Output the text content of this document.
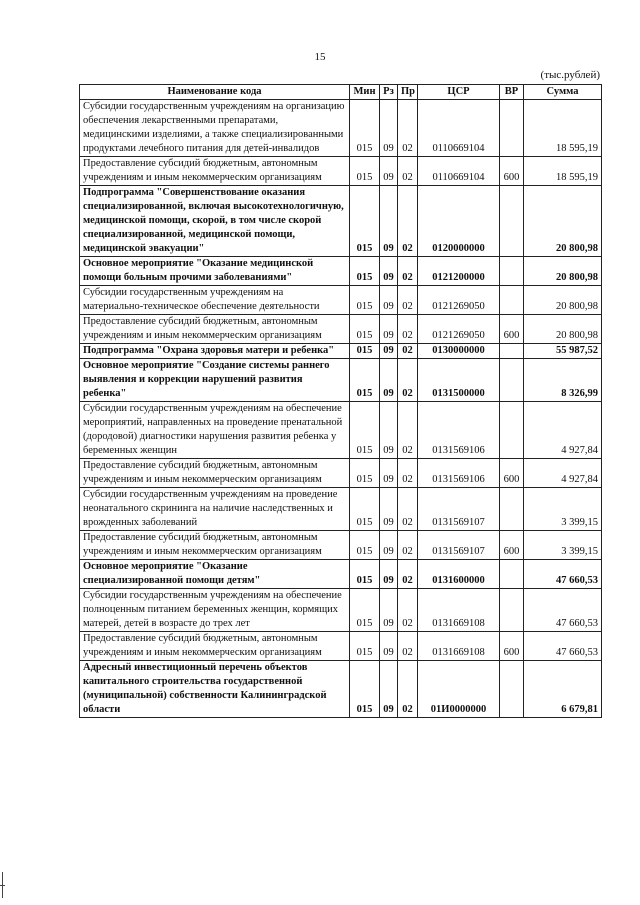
15
(тыс.рублей)
Наименование кода	Мин	Рз	Пр	ЦСР	ВР	Сумма
Субсидии государственным учреждениям на организацию обеспечения лекарственными препаратами, медицинскими изделиями, а также специализированными продуктами лечебного питания для детей-инвалидов	015	09	02	0110669104		18 595,19
Предоставление субсидий бюджетным, автономным учреждениям и иным некоммерческим организациям	015	09	02	0110669104	600	18 595,19
Подпрограмма "Совершенствование оказания специализированной, включая высокотехнологичную, медицинской помощи, скорой, в том числе скорой специализированной, медицинской помощи, медицинской эвакуации"	015	09	02	0120000000		20 800,98
Основное мероприятие "Оказание медицинской помощи больным прочими заболеваниями"	015	09	02	0121200000		20 800,98
Субсидии государственным учреждениям на материально-техническое обеспечение деятельности	015	09	02	0121269050		20 800,98
Предоставление субсидий бюджетным, автономным учреждениям и иным некоммерческим организациям	015	09	02	0121269050	600	20 800,98
Подпрограмма "Охрана здоровья матери и ребенка"	015	09	02	0130000000		55 987,52
Основное мероприятие "Создание системы раннего выявления и коррекции нарушений развития ребенка"	015	09	02	0131500000		8 326,99
Субсидии государственным учреждениям на обеспечение мероприятий, направленных на проведение пренатальной (дородовой) диагностики нарушения развития ребенка у беременных женщин	015	09	02	0131569106		4 927,84
Предоставление субсидий бюджетным, автономным учреждениям и иным некоммерческим организациям	015	09	02	0131569106	600	4 927,84
Субсидии государственным учреждениям на проведение неонатального скрининга на наличие наследственных и врожденных заболеваний	015	09	02	0131569107		3 399,15
Предоставление субсидий бюджетным, автономным учреждениям и иным некоммерческим организациям	015	09	02	0131569107	600	3 399,15
Основное мероприятие "Оказание специализированной помощи детям"	015	09	02	0131600000		47 660,53
Субсидии государственным учреждениям на обеспечение полноценным питанием беременных женщин, кормящих матерей, детей в возрасте до трех лет	015	09	02	0131669108		47 660,53
Предоставление субсидий бюджетным, автономным учреждениям и иным некоммерческим организациям	015	09	02	0131669108	600	47 660,53
Адресный инвестиционный перечень объектов капитального строительства государственной (муниципальной) собственности Калининградской области	015	09	02	01И0000000		6 679,81
